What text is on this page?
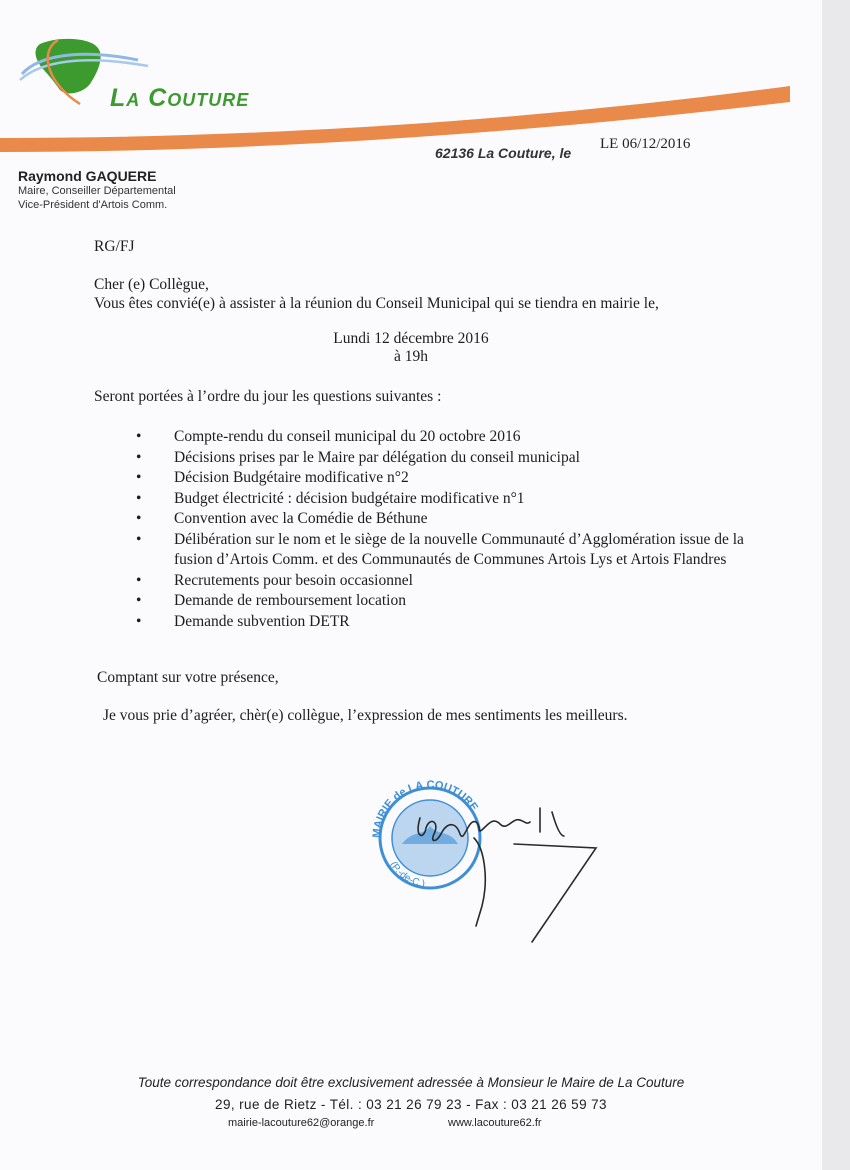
La Couture
62136 La Couture, le
LE 06/12/2016
Raymond GAQUERE
Maire, Conseiller Départemental
Vice-Président d'Artois Comm.
RG/FJ
Cher (e) Collègue,
Vous êtes convié(e) à assister à la réunion du Conseil Municipal qui se tiendra en mairie le,
Lundi 12 décembre 2016
à 19h
Seront portées à l’ordre du jour les questions suivantes :
• Compte-rendu du conseil municipal du 20 octobre 2016
• Décisions prises par le Maire par délégation du conseil municipal
• Décision Budgétaire modificative n°2
• Budget électricité : décision budgétaire modificative n°1
• Convention avec la Comédie de Béthune
• Délibération sur le nom et le siège de la nouvelle Communauté d’Agglomération issue de la fusion d’Artois Comm. et des Communautés de Communes Artois Lys et Artois Flandres
• Recrutements pour besoin occasionnel
• Demande de remboursement location
• Demande subvention DETR
Comptant sur votre présence,
Je vous prie d’agréer, chèr(e) collègue, l’expression de mes sentiments les meilleurs.
MAIRIE de LA COUTURE
(P.-de-C.)
Toute correspondance doit être exclusivement adressée à Monsieur le Maire de La Couture
29, rue de Rietz - Tél. : 03 21 26 79 23 - Fax : 03 21 26 59 73
mairie-lacouture62@orange.fr	www.lacouture62.fr
